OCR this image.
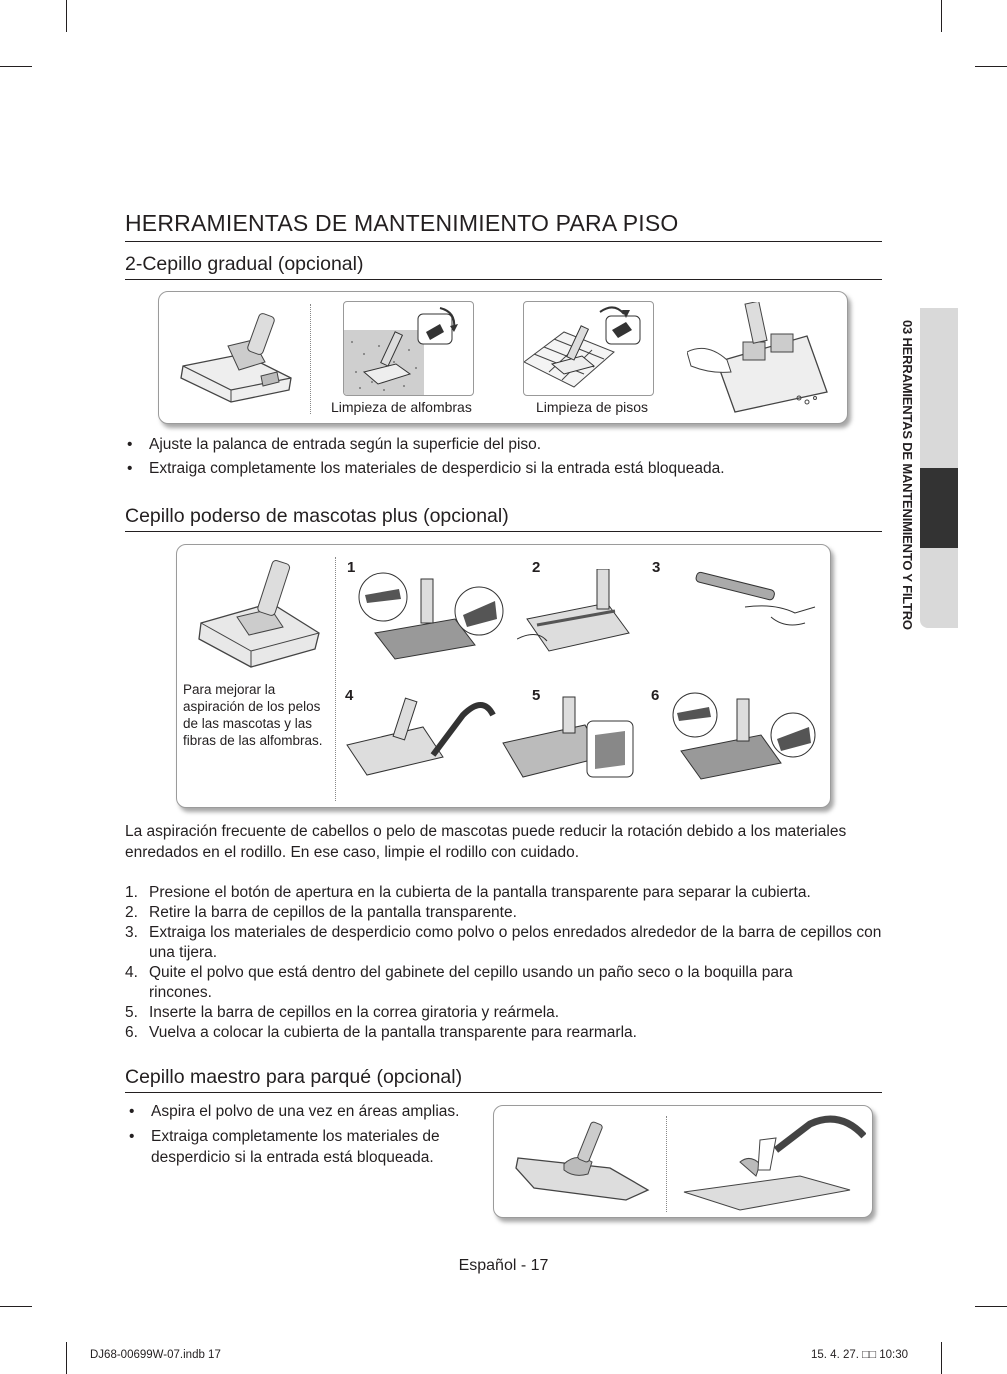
03 HERRAMIENTAS DE MANTENIMIENTO Y FILTRO
HERRAMIENTAS DE MANTENIMIENTO PARA PISO
2-Cepillo gradual (opcional)
Limpieza de alfombras	Limpieza de pisos
• Ajuste la palanca de entrada según la superficie del piso.
• Extraiga completamente los materiales de desperdicio si la entrada está bloqueada.
Cepillo poderso de mascotas plus (opcional)
Para mejorar la aspiración de los pelos de las mascotas y las fibras de las alfombras.
1	2	3
4	5	6

La aspiración frecuente de cabellos o pelo de mascotas puede reducir la rotación debido a los materiales enredados en el rodillo. En ese caso, limpie el rodillo con cuidado.

1. Presione el botón de apertura en la cubierta de la pantalla transparente para separar la cubierta.
2. Retire la barra de cepillos de la pantalla transparente.
3. Extraiga los materiales de desperdicio como polvo o pelos enredados alrededor de la barra de cepillos con una tijera.
4. Quite el polvo que está dentro del gabinete del cepillo usando un paño seco o la boquilla para rincones.
5. Inserte la barra de cepillos en la correa giratoria y reármela.
6. Vuelva a colocar la cubierta de la pantalla transparente para rearmarla.
Cepillo maestro para parqué (opcional)
• Aspira el polvo de una vez en áreas amplias.
• Extraiga completamente los materiales de desperdicio si la entrada está bloqueada.
Español - 17
DJ68-00699W-07.indb 17	15. 4. 27. □□ 10:30
